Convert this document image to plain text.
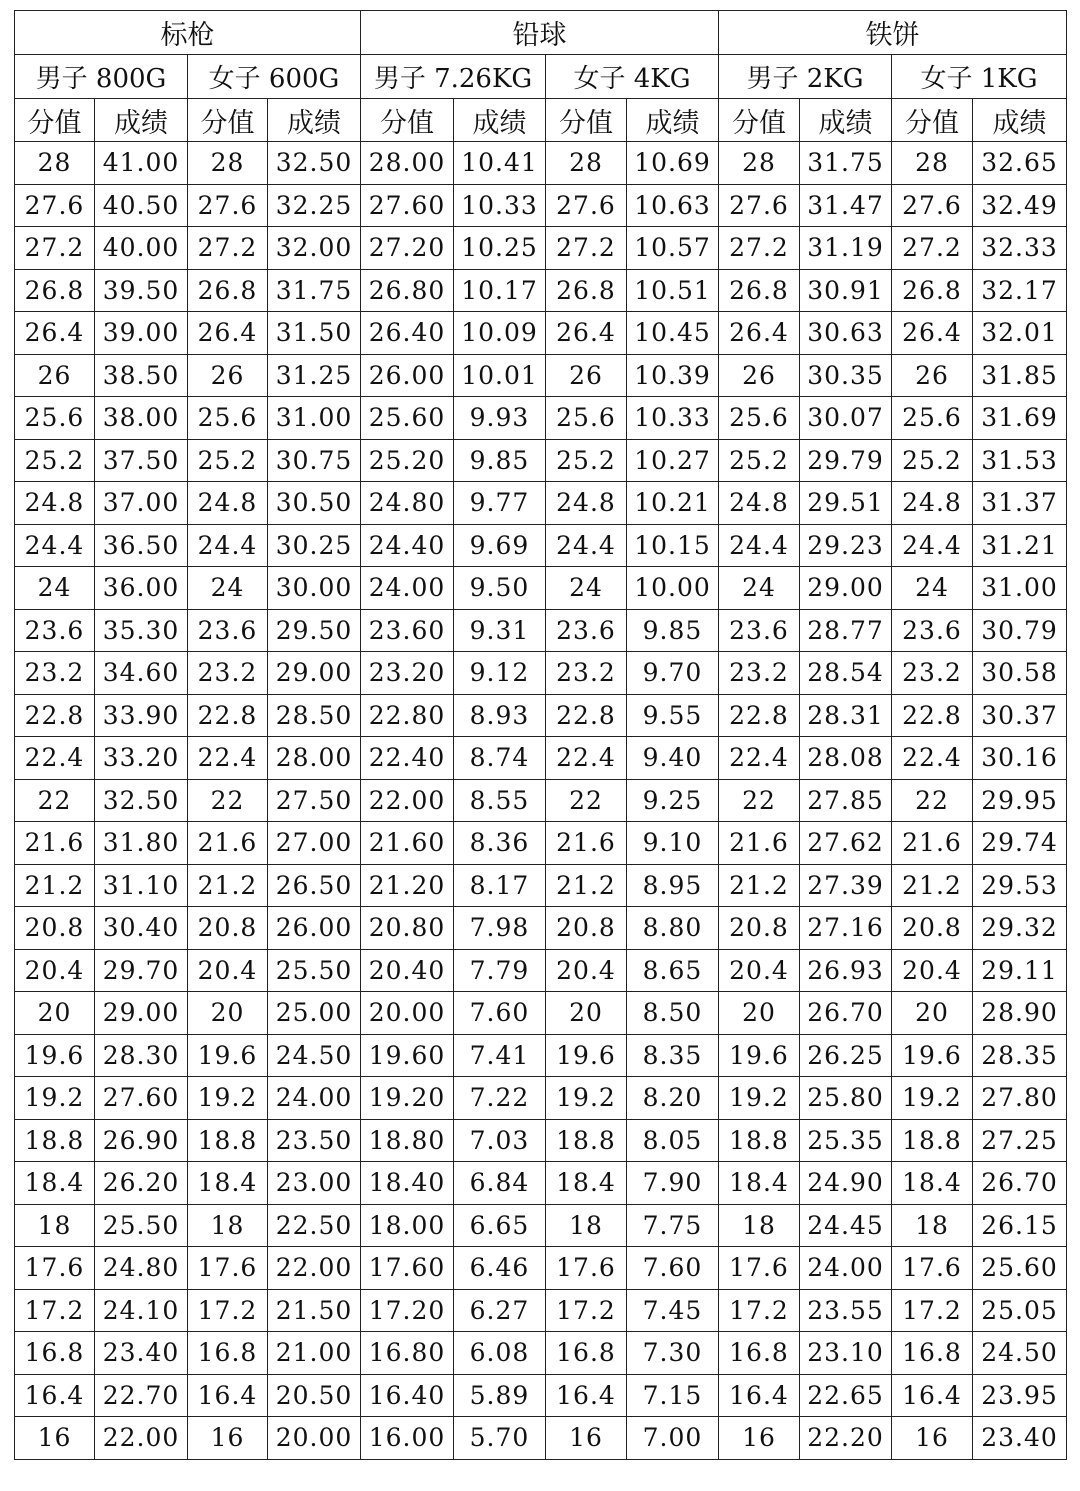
标枪				铅球				铁饼			
男子 800G		女子 600G		男子 7.26KG		女子 4KG		男子 2KG		女子 1KG	
分值	成绩	分值	成绩	分值	成绩	分值	成绩	分值	成绩	分值	成绩
28	41.00	28	32.50	28.00	10.41	28	10.69	28	31.75	28	32.65
27.6	40.50	27.6	32.25	27.60	10.33	27.6	10.63	27.6	31.47	27.6	32.49
27.2	40.00	27.2	32.00	27.20	10.25	27.2	10.57	27.2	31.19	27.2	32.33
26.8	39.50	26.8	31.75	26.80	10.17	26.8	10.51	26.8	30.91	26.8	32.17
26.4	39.00	26.4	31.50	26.40	10.09	26.4	10.45	26.4	30.63	26.4	32.01
26	38.50	26	31.25	26.00	10.01	26	10.39	26	30.35	26	31.85
25.6	38.00	25.6	31.00	25.60	9.93	25.6	10.33	25.6	30.07	25.6	31.69
25.2	37.50	25.2	30.75	25.20	9.85	25.2	10.27	25.2	29.79	25.2	31.53
24.8	37.00	24.8	30.50	24.80	9.77	24.8	10.21	24.8	29.51	24.8	31.37
24.4	36.50	24.4	30.25	24.40	9.69	24.4	10.15	24.4	29.23	24.4	31.21
24	36.00	24	30.00	24.00	9.50	24	10.00	24	29.00	24	31.00
23.6	35.30	23.6	29.50	23.60	9.31	23.6	9.85	23.6	28.77	23.6	30.79
23.2	34.60	23.2	29.00	23.20	9.12	23.2	9.70	23.2	28.54	23.2	30.58
22.8	33.90	22.8	28.50	22.80	8.93	22.8	9.55	22.8	28.31	22.8	30.37
22.4	33.20	22.4	28.00	22.40	8.74	22.4	9.40	22.4	28.08	22.4	30.16
22	32.50	22	27.50	22.00	8.55	22	9.25	22	27.85	22	29.95
21.6	31.80	21.6	27.00	21.60	8.36	21.6	9.10	21.6	27.62	21.6	29.74
21.2	31.10	21.2	26.50	21.20	8.17	21.2	8.95	21.2	27.39	21.2	29.53
20.8	30.40	20.8	26.00	20.80	7.98	20.8	8.80	20.8	27.16	20.8	29.32
20.4	29.70	20.4	25.50	20.40	7.79	20.4	8.65	20.4	26.93	20.4	29.11
20	29.00	20	25.00	20.00	7.60	20	8.50	20	26.70	20	28.90
19.6	28.30	19.6	24.50	19.60	7.41	19.6	8.35	19.6	26.25	19.6	28.35
19.2	27.60	19.2	24.00	19.20	7.22	19.2	8.20	19.2	25.80	19.2	27.80
18.8	26.90	18.8	23.50	18.80	7.03	18.8	8.05	18.8	25.35	18.8	27.25
18.4	26.20	18.4	23.00	18.40	6.84	18.4	7.90	18.4	24.90	18.4	26.70
18	25.50	18	22.50	18.00	6.65	18	7.75	18	24.45	18	26.15
17.6	24.80	17.6	22.00	17.60	6.46	17.6	7.60	17.6	24.00	17.6	25.60
17.2	24.10	17.2	21.50	17.20	6.27	17.2	7.45	17.2	23.55	17.2	25.05
16.8	23.40	16.8	21.00	16.80	6.08	16.8	7.30	16.8	23.10	16.8	24.50
16.4	22.70	16.4	20.50	16.40	5.89	16.4	7.15	16.4	22.65	16.4	23.95
16	22.00	16	20.00	16.00	5.70	16	7.00	16	22.20	16	23.40
